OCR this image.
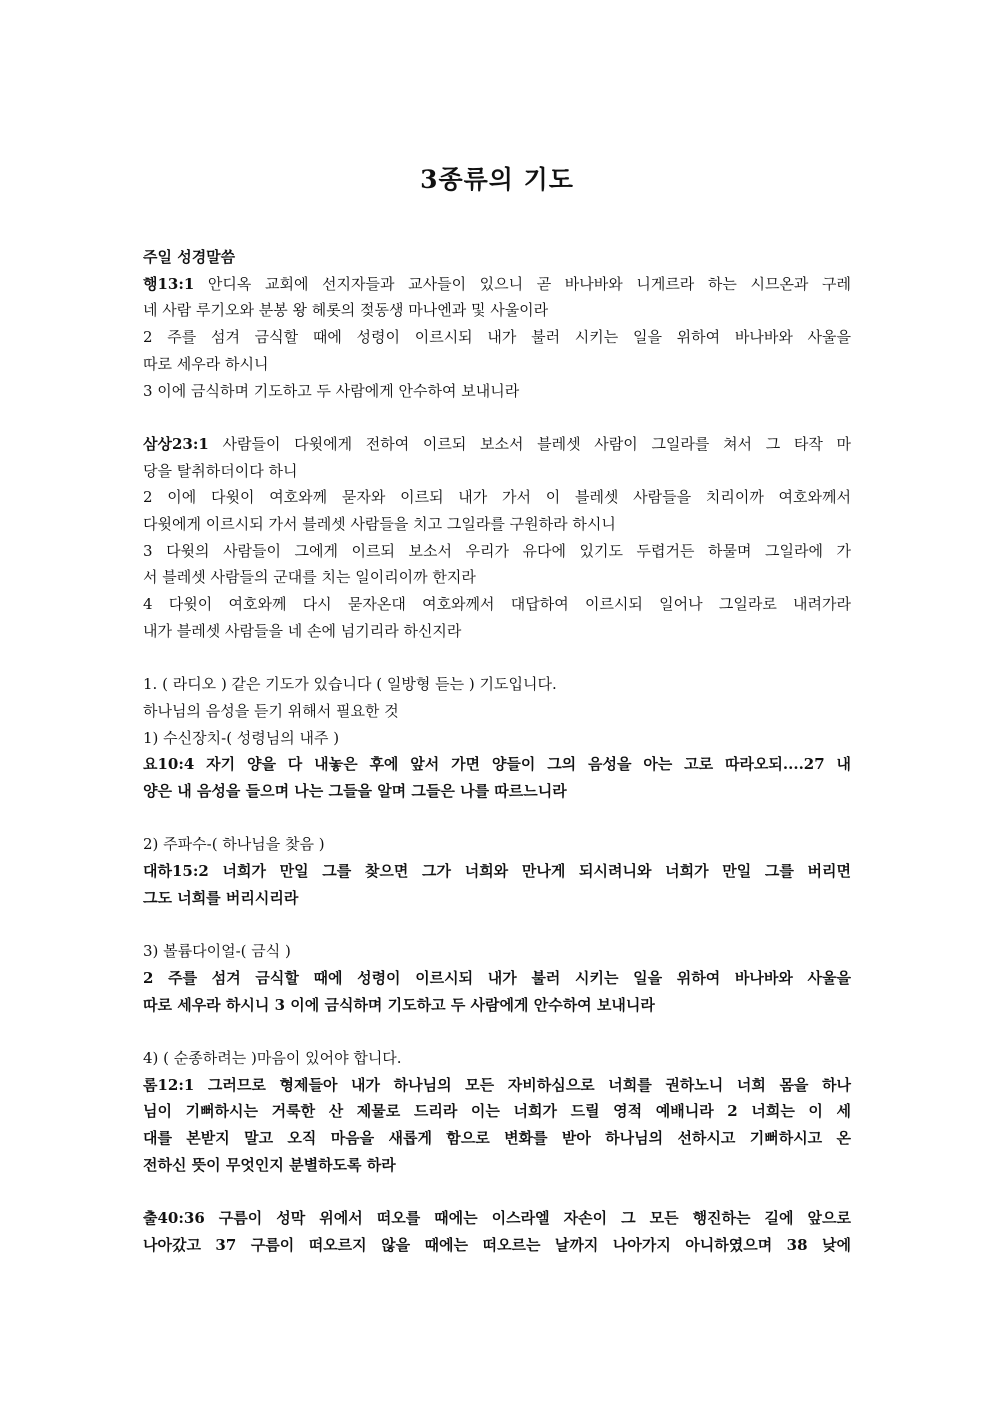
3종류의 기도
주일 성경말씀
행13:1 안디옥 교회에 선지자들과 교사들이 있으니 곧 바나바와 니게르라 하는 시므온과 구레
네 사람 루기오와 분봉 왕 헤롯의 젖동생 마나엔과 및 사울이라
2 주를 섬겨 금식할 때에 성령이 이르시되 내가 불러 시키는 일을 위하여 바나바와 사울을
따로 세우라 하시니
3 이에 금식하며 기도하고 두 사람에게 안수하여 보내니라
삼상23:1 사람들이 다윗에게 전하여 이르되 보소서 블레셋 사람이 그일라를 쳐서 그 타작 마
당을 탈취하더이다 하니
2 이에 다윗이 여호와께 묻자와 이르되 내가 가서 이 블레셋 사람들을 치리이까 여호와께서
다윗에게 이르시되 가서 블레셋 사람들을 치고 그일라를 구원하라 하시니
3 다윗의 사람들이 그에게 이르되 보소서 우리가 유다에 있기도 두렵거든 하물며 그일라에 가
서 블레셋 사람들의 군대를 치는 일이리이까 한지라
4 다윗이 여호와께 다시 묻자온대 여호와께서 대답하여 이르시되 일어나 그일라로 내려가라
내가 블레셋 사람들을 네 손에 넘기리라 하신지라
1. ( 라디오 ) 같은 기도가 있습니다 ( 일방형 듣는 ) 기도입니다.
하나님의 음성을 듣기 위해서 필요한 것
1) 수신장치-( 성령님의 내주 )
요10:4 자기 양을 다 내놓은 후에 앞서 가면 양들이 그의 음성을 아는 고로 따라오되....27 내
양은 내 음성을 들으며 나는 그들을 알며 그들은 나를 따르느니라
2) 주파수-( 하나님을 찾음 )
대하15:2 너희가 만일 그를 찾으면 그가 너희와 만나게 되시려니와 너희가 만일 그를 버리면
그도 너희를 버리시리라
3) 볼륨다이얼-( 금식 )
2 주를 섬겨 금식할 때에 성령이 이르시되 내가 불러 시키는 일을 위하여 바나바와 사울을
따로 세우라 하시니 3 이에 금식하며 기도하고 두 사람에게 안수하여 보내니라
4) ( 순종하려는 )마음이 있어야 합니다.
롬12:1 그러므로 형제들아 내가 하나님의 모든 자비하심으로 너희를 권하노니 너희 몸을 하나
님이 기뻐하시는 거룩한 산 제물로 드리라 이는 너희가 드릴 영적 예배니라 2 너희는 이 세
대를 본받지 말고 오직 마음을 새롭게 함으로 변화를 받아 하나님의 선하시고 기뻐하시고 온
전하신 뜻이 무엇인지 분별하도록 하라
출40:36 구름이 성막 위에서 떠오를 때에는 이스라엘 자손이 그 모든 행진하는 길에 앞으로
나아갔고 37 구름이 떠오르지 않을 때에는 떠오르는 날까지 나아가지 아니하였으며 38 낮에
